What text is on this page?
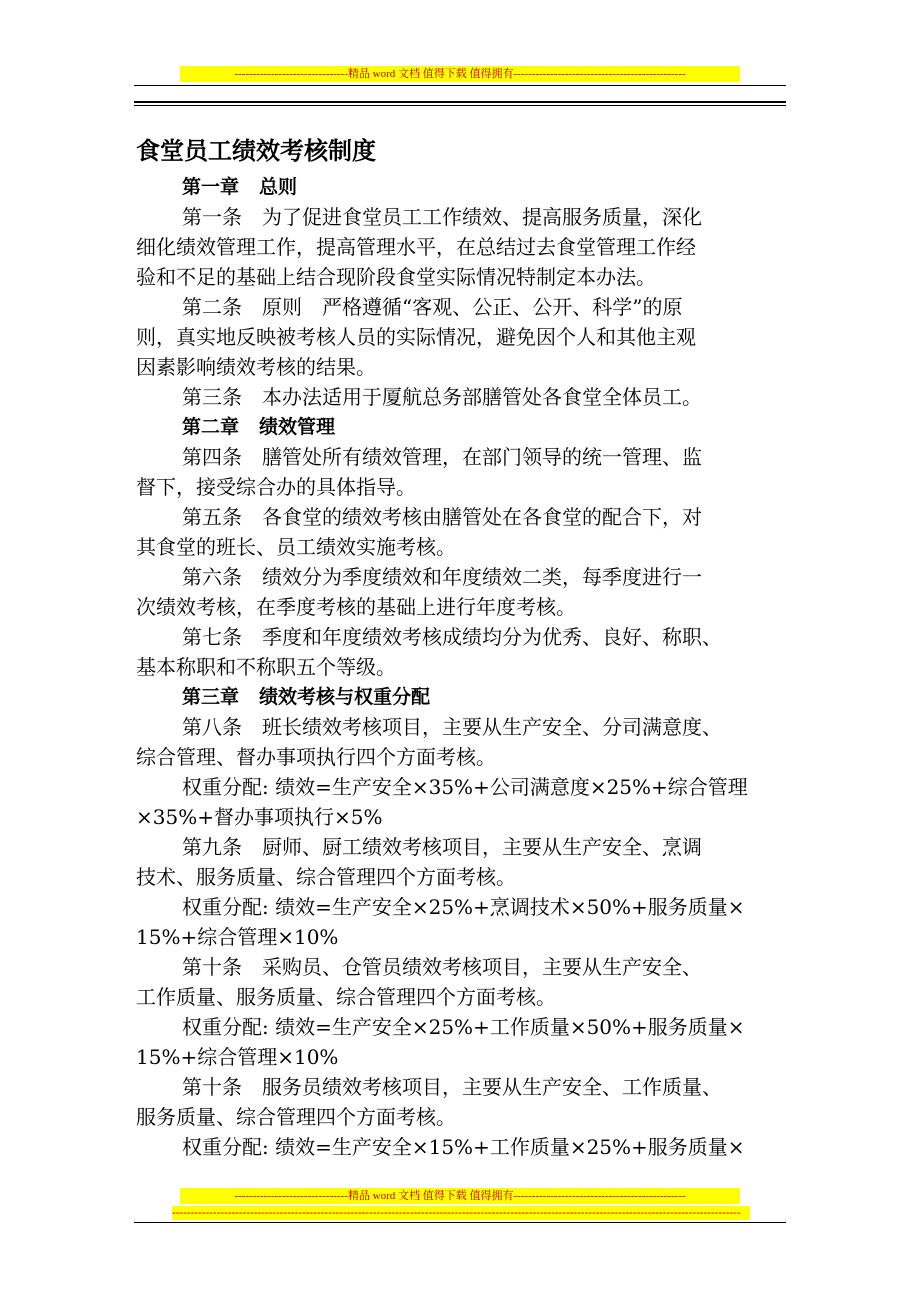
-------------------------------精品 word 文档 值得下载 值得拥有-----------------------------------------------
食堂员工绩效考核制度

第一章 总则

第一条　为了促进食堂员工工作绩效、提高服务质量，深化

细化绩效管理工作，提高管理水平，在总结过去食堂管理工作经

验和不足的基础上结合现阶段食堂实际情况特制定本办法。

第二条　原则　严格遵循“客观、公正、公开、科学”的原

则，真实地反映被考核人员的实际情况，避免因个人和其他主观

因素影响绩效考核的结果。

第三条　本办法适用于厦航总务部膳管处各食堂全体员工。

第二章 绩效管理

第四条　膳管处所有绩效管理，在部门领导的统一管理、监

督下，接受综合办的具体指导。

第五条　各食堂的绩效考核由膳管处在各食堂的配合下，对

其食堂的班长、员工绩效实施考核。

第六条　绩效分为季度绩效和年度绩效二类，每季度进行一

次绩效考核，在季度考核的基础上进行年度考核。

第七条　季度和年度绩效考核成绩均分为优秀、良好、称职、

基本称职和不称职五个等级。

第三章 绩效考核与权重分配

第八条　班长绩效考核项目，主要从生产安全、分司满意度、

综合管理、督办事项执行四个方面考核。

权重分配: 绩效=生产安全×35%+公司满意度×25%+综合管理

×35%+督办事项执行×5%

第九条　厨师、厨工绩效考核项目，主要从生产安全、烹调

技术、服务质量、综合管理四个方面考核。

权重分配: 绩效=生产安全×25%+烹调技术×50%+服务质量×

15%+综合管理×10%

第十条　采购员、仓管员绩效考核项目，主要从生产安全、

工作质量、服务质量、综合管理四个方面考核。

权重分配: 绩效=生产安全×25%+工作质量×50%+服务质量×

15%+综合管理×10%

第十条　服务员绩效考核项目，主要从生产安全、工作质量、

服务质量、综合管理四个方面考核。

权重分配: 绩效=生产安全×15%+工作质量×25%+服务质量×

-------------------------------精品 word 文档 值得下载 值得拥有-----------------------------------------------
---------------------------------------------------------------------------------------------------------------------------------------------------------
